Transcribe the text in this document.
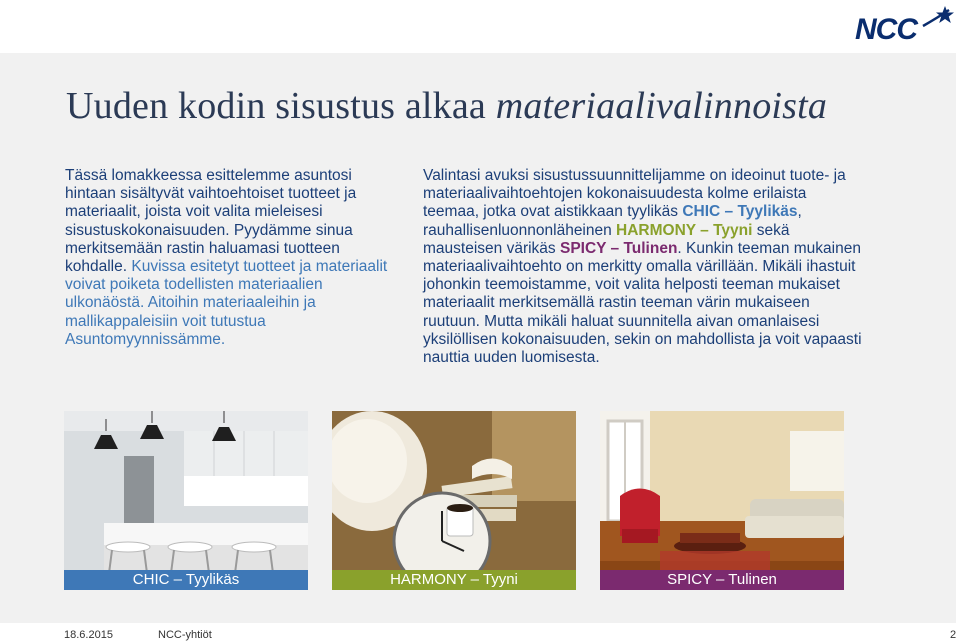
NCC
Uuden kodin sisustus alkaa materiaalivalinnoista
Tässä lomakkeessa esittelemme asuntosi hintaan sisältyvät vaihtoehtoiset tuotteet ja materiaalit, joista voit valita mieleisesi sisustuskokonaisuuden. Pyydämme sinua merkitsemään rastin haluamasi tuotteen kohdalle. Kuvissa esitetyt tuotteet ja materiaalit voivat poiketa todellisten materiaalien ulkonäöstä. Aitoihin materiaaleihin ja mallikappaleisiin voit tutustua Asuntomyynnissämme.
Valintasi avuksi sisustussuunnittelijamme on ideoinut tuote- ja materiaalivaihtoehtojen kokonaisuudesta kolme erilaista teemaa, jotka ovat aistikkaan tyylikäs CHIC – Tyylikäs, rauhallisenluonnonläheinen HARMONY – Tyyni sekä mausteisen värikäs SPICY – Tulinen. Kunkin teeman mukainen materiaalivaihtoehto on merkitty omalla värillään. Mikäli ihastuit johonkin teemoistamme, voit valita helposti teeman mukaiset materiaalit merkitsemällä rastin teeman värin mukaiseen ruutuun. Mutta mikäli haluat suunnitella aivan omanlaisesi yksilöllisen kokonaisuuden, sekin on mahdollista ja voit vapaasti nauttia uuden luomisesta.
CHIC – Tyylikäs	HARMONY – Tyyni	SPICY – Tulinen
18.6.2015	NCC-yhtiöt	2
